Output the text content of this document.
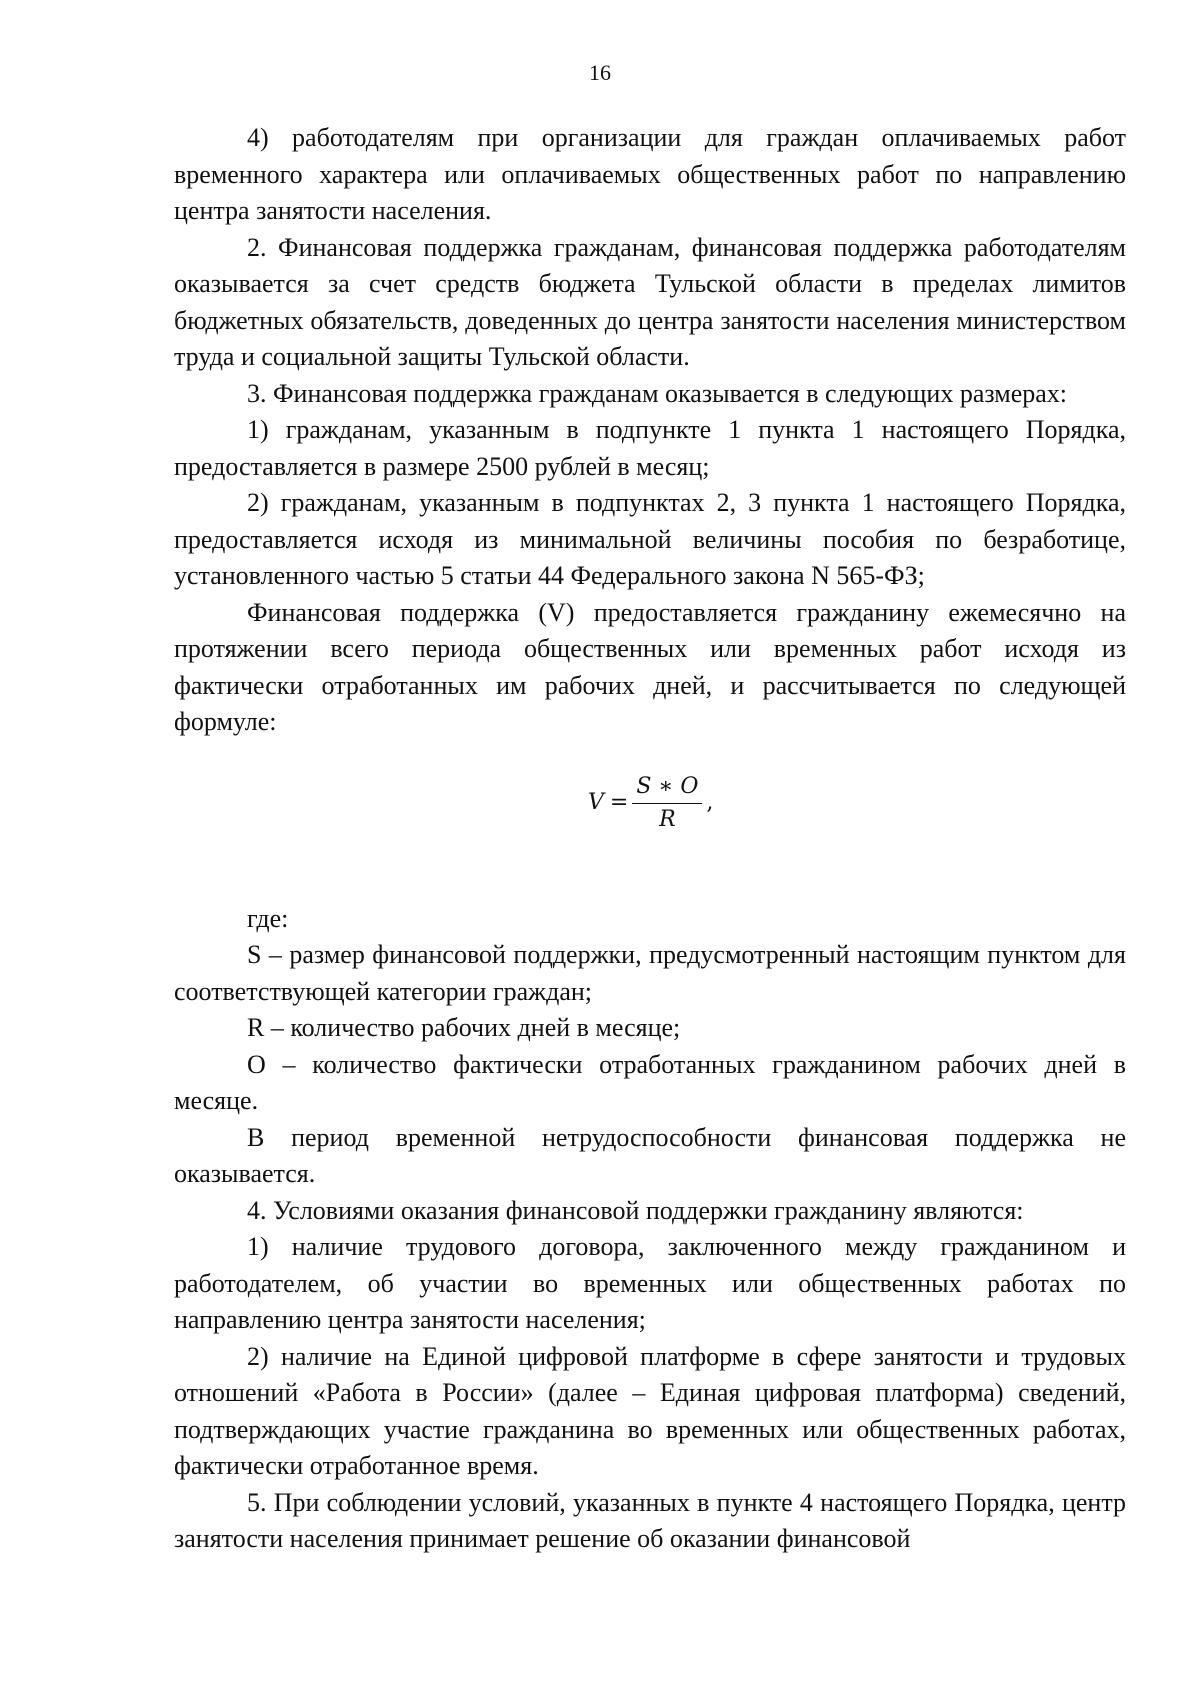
16

4) работодателям при организации для граждан оплачиваемых работ временного характера или оплачиваемых общественных работ по направлению центра занятости населения.

2. Финансовая поддержка гражданам, финансовая поддержка работодателям оказывается за счет средств бюджета Тульской области в пределах лимитов бюджетных обязательств, доведенных до центра занятости населения министерством труда и социальной защиты Тульской области.

3. Финансовая поддержка гражданам оказывается в следующих размерах:

1) гражданам, указанным в подпункте 1 пункта 1 настоящего Порядка, предоставляется в размере 2500 рублей в месяц;

2) гражданам, указанным в подпунктах 2, 3 пункта 1 настоящего Порядка, предоставляется исходя из минимальной величины пособия по безработице, установленного частью 5 статьи 44 Федерального закона N 565-ФЗ;

Финансовая поддержка (V) предоставляется гражданину ежемесячно на протяжении всего периода общественных или временных работ исходя из фактически отработанных им рабочих дней, и рассчитывается по следующей формуле:

$V = \frac{S ∗ O}{R}$ ,

где:

S – размер финансовой поддержки, предусмотренный настоящим пунктом для соответствующей категории граждан;

R – количество рабочих дней в месяце;

O – количество фактически отработанных гражданином рабочих дней в месяце.

В период временной нетрудоспособности финансовая поддержка не оказывается.

4. Условиями оказания финансовой поддержки гражданину являются:

1) наличие трудового договора, заключенного между гражданином и работодателем, об участии во временных или общественных работах по направлению центра занятости населения;

2) наличие на Единой цифровой платформе в сфере занятости и трудовых отношений «Работа в России» (далее – Единая цифровая платформа) сведений, подтверждающих участие гражданина во временных или общественных работах, фактически отработанное время.

5. При соблюдении условий, указанных в пункте 4 настоящего Порядка, центр занятости населения принимает решение об оказании финансовой
